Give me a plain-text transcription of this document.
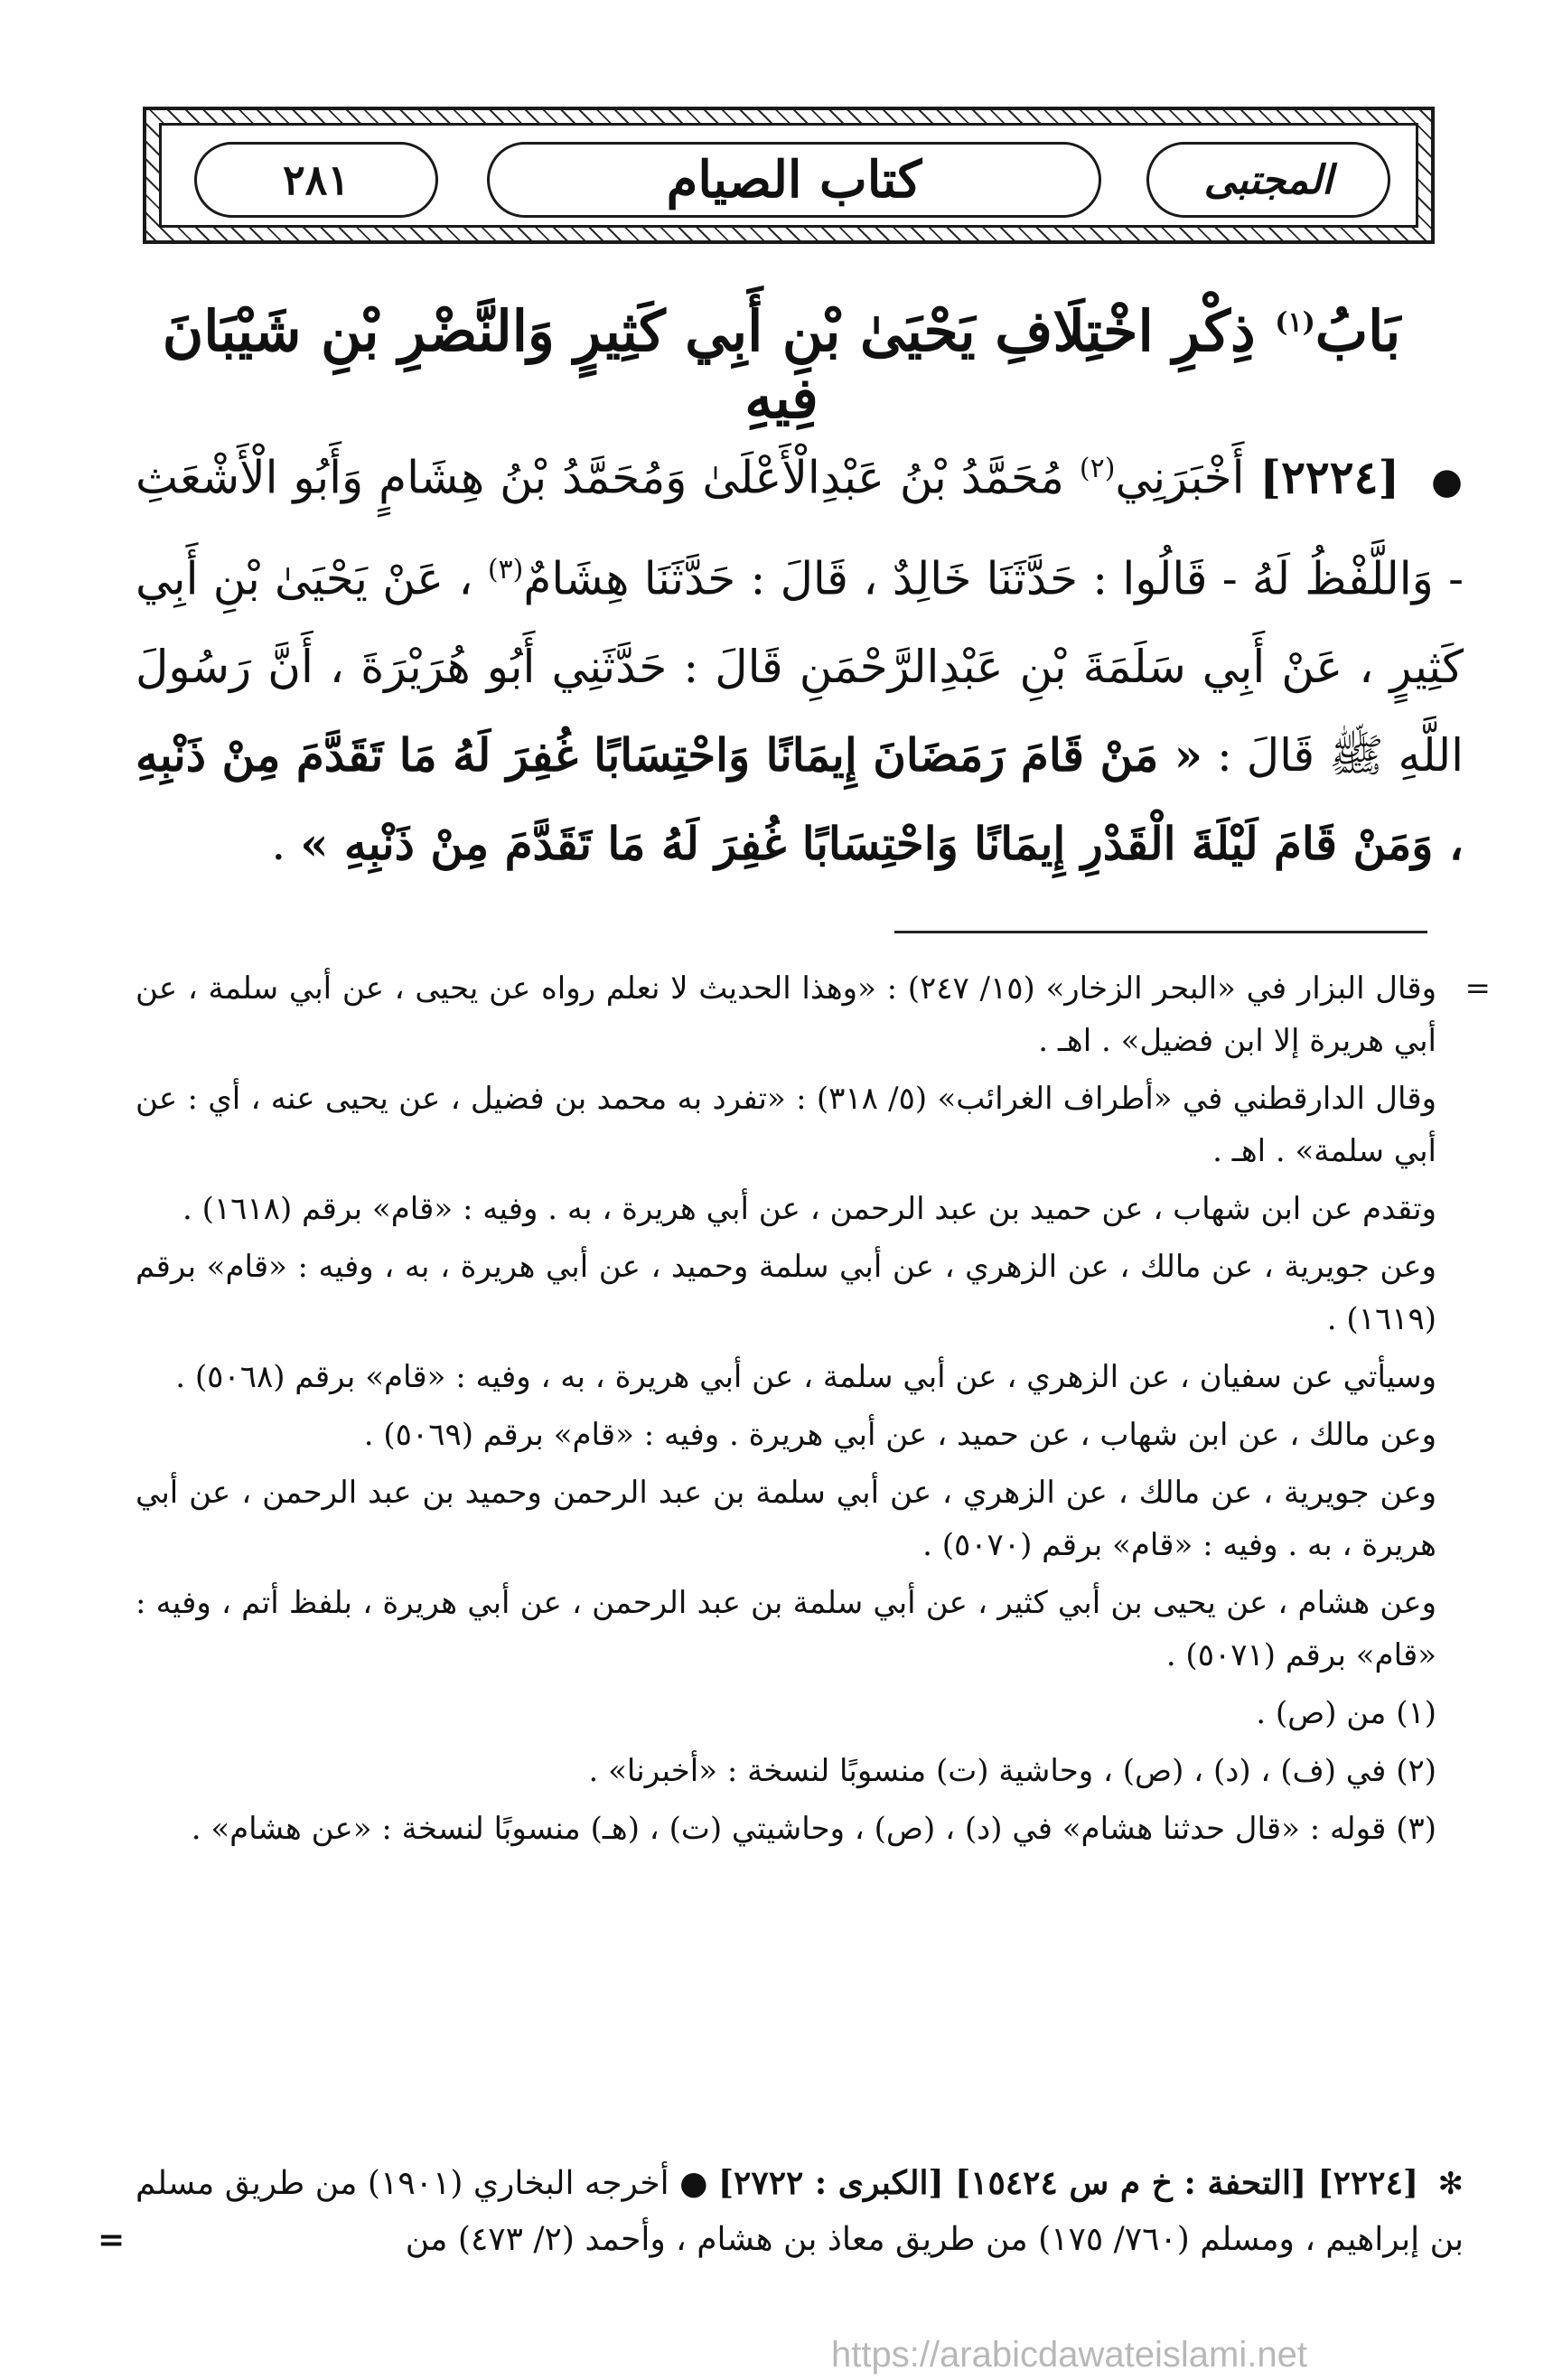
٢٨١	كتاب الصيام	المجتبى
بَابُ$^{(١)}$ ذِكْرِ اخْتِلَافِ يَحْيَىٰ بْنِ أَبِي كَثِيرٍ وَالنَّضْرِ بْنِ شَيْبَانَ فِيهِ
● [٢٢٢٤] أَخْبَرَنِي$^{(٢)}$ مُحَمَّدُ بْنُ عَبْدِالْأَعْلَىٰ وَمُحَمَّدُ بْنُ هِشَامٍ وَأَبُو الْأَشْعَثِ - وَاللَّفْظُ لَهُ - قَالُوا : حَدَّثَنَا خَالِدٌ ، قَالَ : حَدَّثَنَا هِشَامٌ$^{(٣)}$ ، عَنْ يَحْيَىٰ بْنِ أَبِي كَثِيرٍ ، عَنْ أَبِي سَلَمَةَ بْنِ عَبْدِالرَّحْمَنِ قَالَ : حَدَّثَنِي أَبُو هُرَيْرَةَ ، أَنَّ رَسُولَ اللَّهِ ﷺ قَالَ : « مَنْ قَامَ رَمَضَانَ إِيمَانًا وَاحْتِسَابًا غُفِرَ لَهُ مَا تَقَدَّمَ مِنْ ذَنْبِهِ ، وَمَنْ قَامَ لَيْلَةَ الْقَدْرِ إِيمَانًا وَاحْتِسَابًا غُفِرَ لَهُ مَا تَقَدَّمَ مِنْ ذَنْبِهِ » .
=

وقال البزار في «البحر الزخار» (١٥/ ٢٤٧) : «وهذا الحديث لا نعلم رواه عن يحيى ، عن أبي سلمة ، عن أبي هريرة إلا ابن فضيل» . اهـ .

وقال الدارقطني في «أطراف الغرائب» (٥/ ٣١٨) : «تفرد به محمد بن فضيل ، عن يحيى عنه ، أي : عن أبي سلمة» . اهـ .

وتقدم عن ابن شهاب ، عن حميد بن عبد الرحمن ، عن أبي هريرة ، به . وفيه : «قام» برقم (١٦١٨) .

وعن جويرية ، عن مالك ، عن الزهري ، عن أبي سلمة وحميد ، عن أبي هريرة ، به ، وفيه : «قام» برقم (١٦١٩) .

وسيأتي عن سفيان ، عن الزهري ، عن أبي سلمة ، عن أبي هريرة ، به ، وفيه : «قام» برقم (٥٠٦٨) .

وعن مالك ، عن ابن شهاب ، عن حميد ، عن أبي هريرة . وفيه : «قام» برقم (٥٠٦٩) .

وعن جويرية ، عن مالك ، عن الزهري ، عن أبي سلمة بن عبد الرحمن وحميد بن عبد الرحمن ، عن أبي هريرة ، به . وفيه : «قام» برقم (٥٠٧٠) .

وعن هشام ، عن يحيى بن أبي كثير ، عن أبي سلمة بن عبد الرحمن ، عن أبي هريرة ، بلفظ أتم ، وفيه : «قام» برقم (٥٠٧١) .

(١) من (ص) .

(٢) في (ف) ، (د) ، (ص) ، وحاشية (ت) منسوبًا لنسخة : «أخبرنا» .

(٣) قوله : «قال حدثنا هشام» في (د) ، (ص) ، وحاشيتي (ت) ، (هـ) منسوبًا لنسخة : «عن هشام» .

✻ [٢٢٢٤] [التحفة : خ م س ١٥٤٢٤] [الكبرى : ٢٧٢٢] ● أخرجه البخاري (١٩٠١) من طريق مسلم بن إبراهيم ، ومسلم (٧٦٠/ ١٧٥) من طريق معاذ بن هشام ، وأحمد (٢/ ٤٧٣) من
=
https://arabicdawateislami.net
